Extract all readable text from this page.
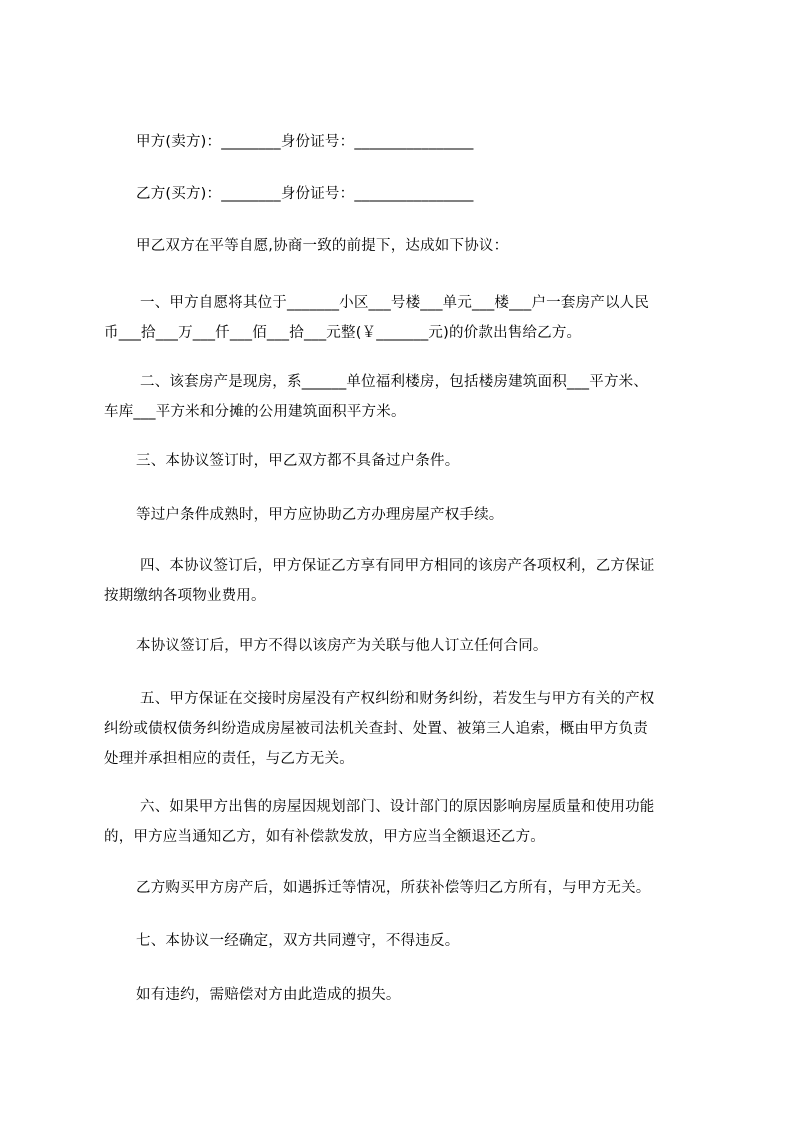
甲方(卖方)：________身份证号：________________

乙方(买方)：________身份证号：________________

甲乙双方在平等自愿,协商一致的前提下，达成如下协议：

一、甲方自愿将其位于_______小区___号楼___单元___楼___户一套房产以人民
币___拾___万___仟___佰___拾___元整(￥_______元)的价款出售给乙方。

二、该套房产是现房，系______单位福利楼房，包括楼房建筑面积___平方米、
车库___平方米和分摊的公用建筑面积平方米。

三、本协议签订时，甲乙双方都不具备过户条件。

等过户条件成熟时，甲方应协助乙方办理房屋产权手续。

四、本协议签订后，甲方保证乙方享有同甲方相同的该房产各项权利，乙方保证
按期缴纳各项物业费用。

本协议签订后，甲方不得以该房产为关联与他人订立任何合同。

五、甲方保证在交接时房屋没有产权纠纷和财务纠纷，若发生与甲方有关的产权
纠纷或债权债务纠纷造成房屋被司法机关查封、处置、被第三人追索，概由甲方负责
处理并承担相应的责任，与乙方无关。

六、如果甲方出售的房屋因规划部门、设计部门的原因影响房屋质量和使用功能
的，甲方应当通知乙方，如有补偿款发放，甲方应当全额退还乙方。

乙方购买甲方房产后，如遇拆迁等情况，所获补偿等归乙方所有，与甲方无关。

七、本协议一经确定，双方共同遵守，不得违反。

如有违约，需赔偿对方由此造成的损失。
